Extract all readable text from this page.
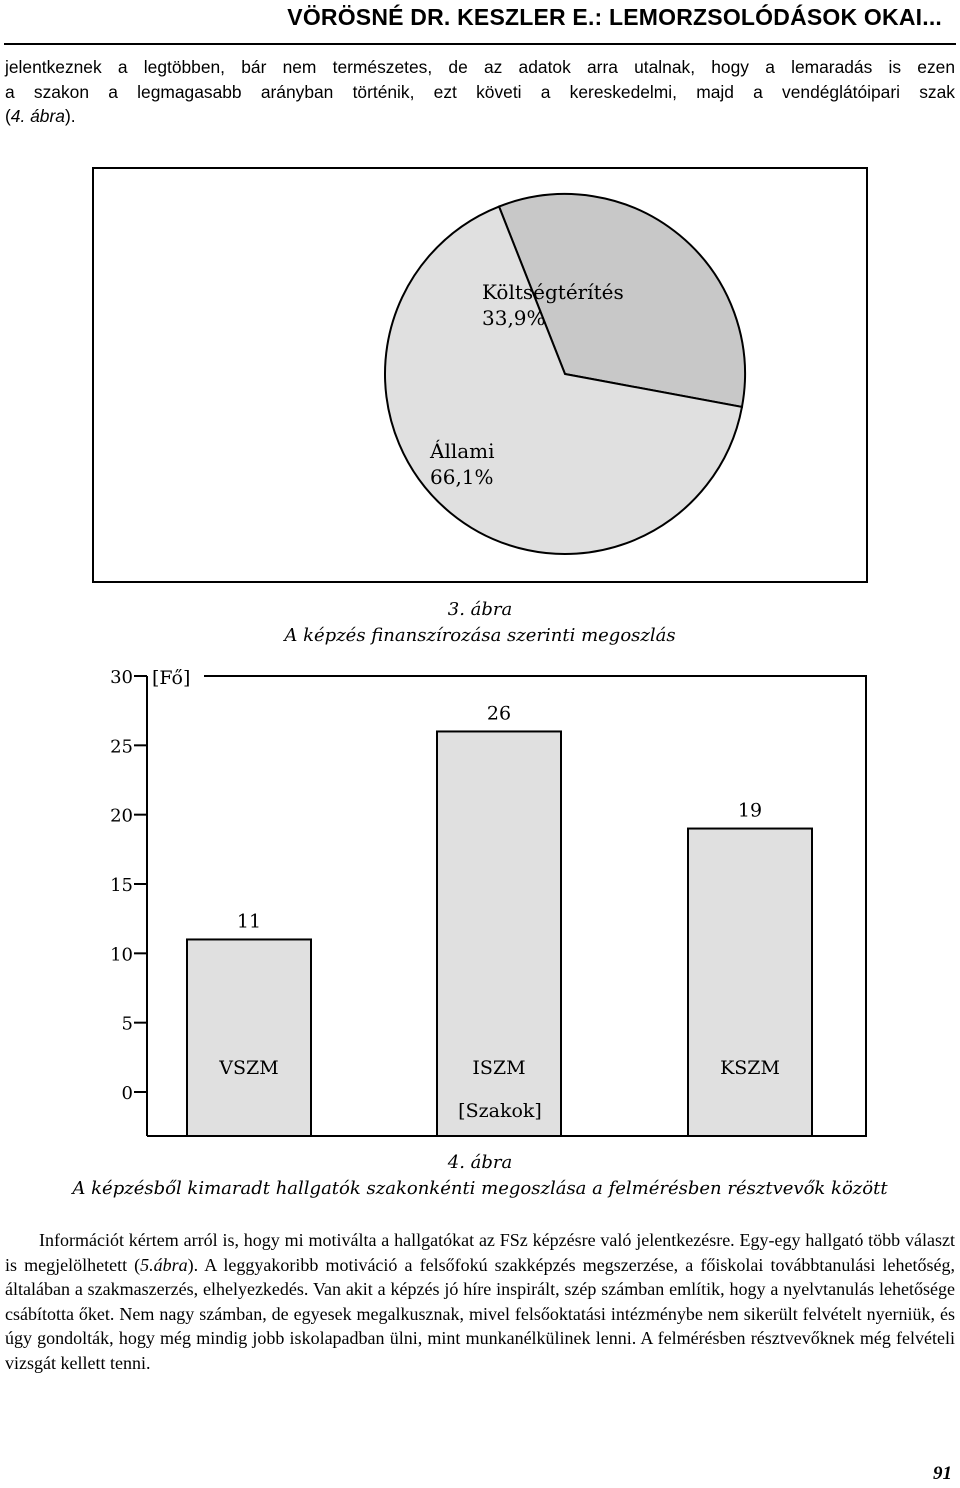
VÖRÖSNÉ DR. KESZLER E.: LEMORZSOLÓDÁSOK OKAI...

jelentkeznek a legtöbben, bár nem természetes, de az adatok arra utalnak, hogy a lemaradás is ezen

a szakon a legmagasabb arányban történik, ezt követi a kereskedelmi, majd a vendéglátóipari szak

(4. ábra).

Költségtérítés
33,9%
Állami
66,1%
3. ábra
A képzés finanszírozása szerinti megoszlás
0
5
10
15
20
25
30
11
VSZM
26
ISZM
19
KSZM
[Fő]
[Szakok]
4. ábra
A képzésből kimaradt hallgatók szakonkénti megoszlása a felmérésben résztvevők között

Információt kértem arról is, hogy mi motiválta a hallgatókat az FSz képzésre való jelentkezésre. Egy-egy hallgató több választ is megjelölhetett (5.ábra). A leggyakoribb motiváció a felsőfokú szakképzés megszerzése, a főiskolai továbbtanulási lehetőség, általában a szakmaszerzés, elhelyezkedés. Van akit a képzés jó híre inspirált, szép számban említik, hogy a nyelvtanulás lehetősége csábította őket. Nem nagy számban, de egyesek megalkusznak, mivel felsőoktatási intézménybe nem sikerült felvételt nyerniük, és úgy gondolták, hogy még mindig jobb iskolapadban ülni, mint munkanélkülinek lenni. A felmérésben résztvevőknek még felvételi vizsgát kellett tenni.

91
